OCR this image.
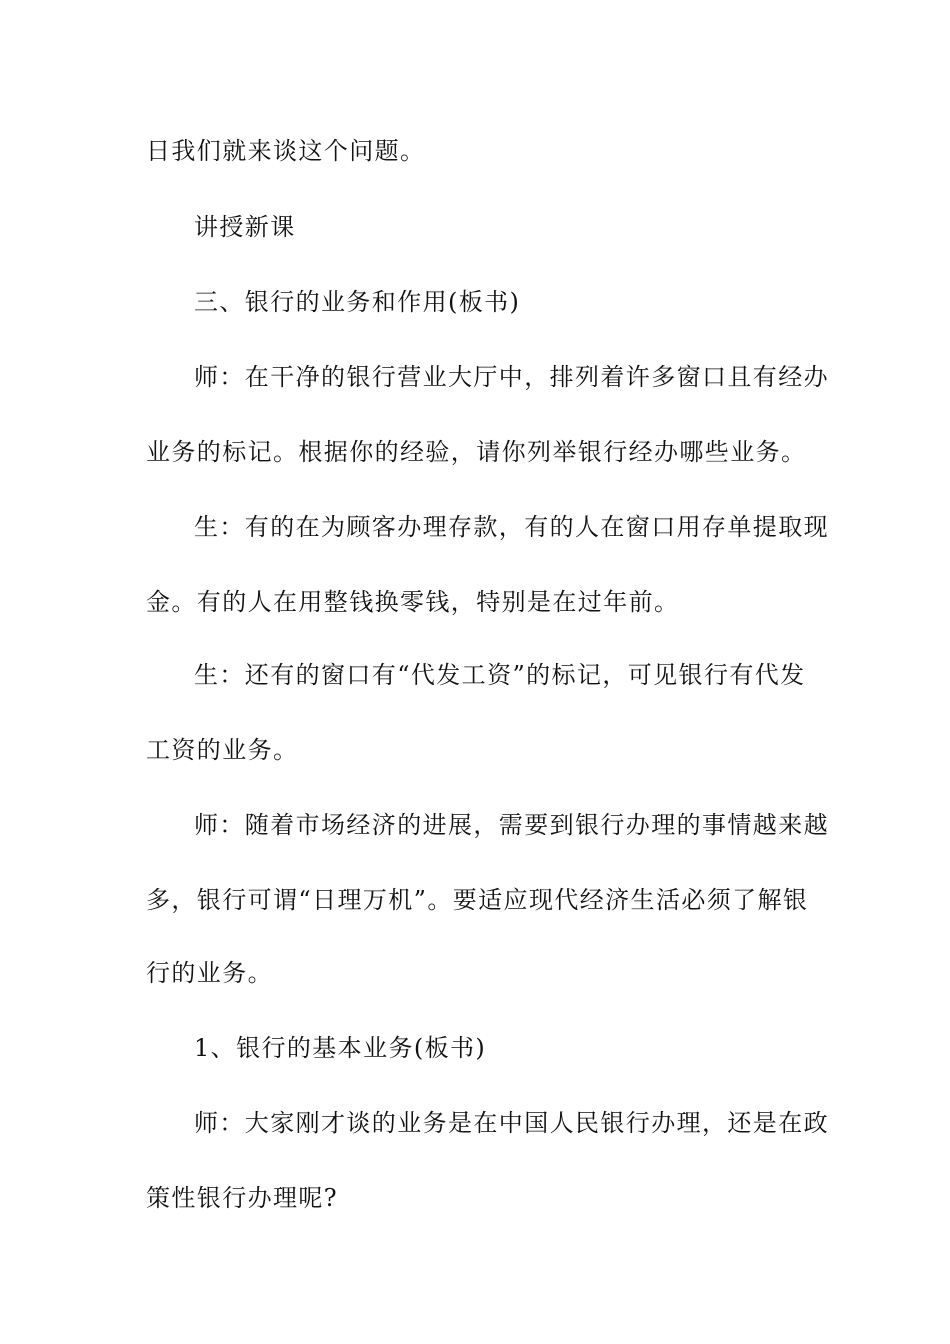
日我们就来谈这个问题。
讲授新课
三、银行的业务和作用(板书)
师：在干净的银行营业大厅中，排列着许多窗口且有经办
业务的标记。根据你的经验，请你列举银行经办哪些业务。
生：有的在为顾客办理存款，有的人在窗口用存单提取现
金。有的人在用整钱换零钱，特别是在过年前。
生：还有的窗口有“代发工资”的标记，可见银行有代发
工资的业务。
师：随着市场经济的进展，需要到银行办理的事情越来越
多，银行可谓“日理万机”。要适应现代经济生活必须了解银
行的业务。
1、银行的基本业务(板书)
师：大家刚才谈的业务是在中国人民银行办理，还是在政
策性银行办理呢?
